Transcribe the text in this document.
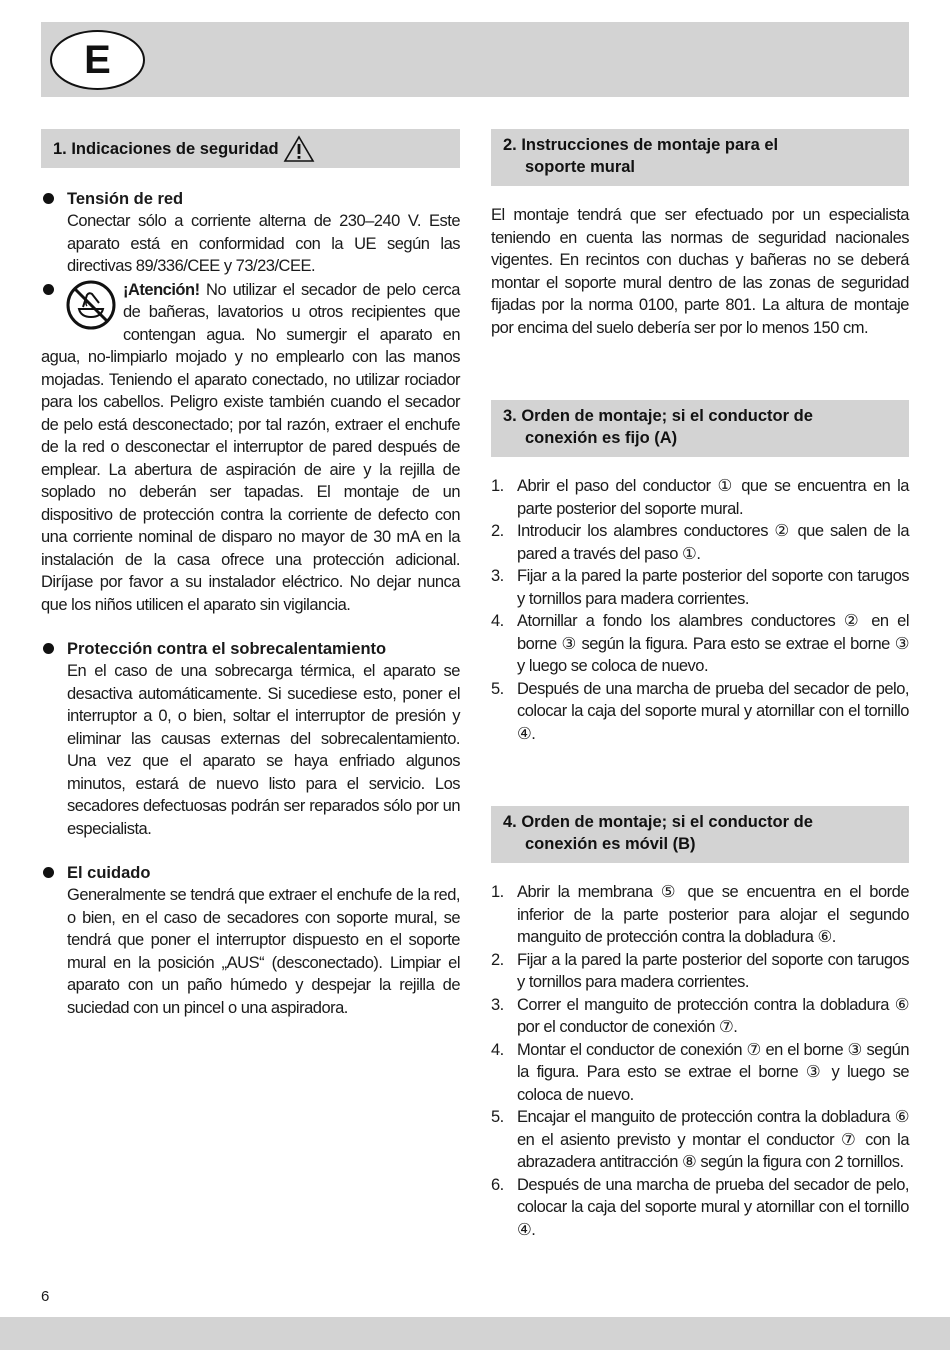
E
1. Indicaciones de seguridad
Tensión de red

Conectar sólo a corriente alterna de 230–240 V. Este aparato está en conformidad con la UE según las directivas 89/336/CEE y 73/23/CEE.

¡Atención! No utilizar el secador de pelo cerca de bañeras, lavatorios u otros recipientes que contengan agua. No sumergir el aparato en agua, no-limpiarlo mojado y no emplearlo con las manos mojadas. Teniendo el aparato conectado, no utilizar rociador para los cabellos. Peligro existe también cuando el secador de pelo está desconectado; por tal razón, extraer el enchufe de la red o desconectar el interruptor de pared después de emplear. La abertura de aspiración de aire y la rejilla de soplado no deberán ser tapadas. El montaje de un dispositivo de protección contra la corriente de defecto con una corriente nominal de disparo no mayor de 30 mA en la instalación de la casa ofrece una protección adicional. Diríjase por favor a su instalador eléctrico. No dejar nunca que los niños utilicen el aparato sin vigilancia.

Protección contra el sobrecalentamiento

En el caso de una sobrecarga térmica, el aparato se desactiva automáticamente. Si sucediese esto, poner el interruptor a 0, o bien, soltar el interruptor de presión y eliminar las causas externas del sobrecalentamiento. Una vez que el aparato se haya enfriado algunos minutos, estará de nuevo listo para el servicio. Los secadores defectuosas podrán ser reparados sólo por un especialista.

El cuidado

Generalmente se tendrá que extraer el enchufe de la red, o bien, en el caso de secadores con soporte mural, se tendrá que poner el interruptor dispuesto en el soporte mural en la posición „AUS“ (desconectado). Limpiar el aparato con un paño húmedo y despejar la rejilla de suciedad con un pincel o una aspiradora.

2. Instrucciones de montaje para el
soporte mural

El montaje tendrá que ser efectuado por un especialista teniendo en cuenta las normas de seguridad nacionales vigentes. En recintos con duchas y bañeras no se deberá montar el soporte mural dentro de las zonas de seguridad fijadas por la norma 0100, parte 801. La altura de montaje por encima del suelo debería ser por lo menos 150 cm.

3. Orden de montaje; si el conductor de
conexión es fijo (A)
1. Abrir el paso del conductor ① que se encuentra en la parte posterior del soporte mural.
2. Introducir los alambres conductores ② que salen de la pared a través del paso ①.
3. Fijar a la pared la parte posterior del soporte con tarugos y tornillos para madera corrientes.
4. Atornillar a fondo los alambres conductores ② en el borne ③ según la figura. Para esto se extrae el borne ③ y luego se coloca de nuevo.
5. Después de una marcha de prueba del secador de pelo, colocar la caja del soporte mural y atornillar con el tornillo ④.
4. Orden de montaje; si el conductor de
conexión es móvil (B)
1. Abrir la membrana ⑤ que se encuentra en el borde inferior de la parte posterior para alojar el segundo manguito de protección contra la dobladura ⑥.
2. Fijar a la pared la parte posterior del soporte con tarugos y tornillos para madera corrientes.
3. Correr el manguito de protección contra la dobladura ⑥ por el conductor de conexión ⑦.
4. Montar el conductor de conexión ⑦ en el borne ③ según la figura. Para esto se extrae el borne ③ y luego se coloca de nuevo.
5. Encajar el manguito de protección contra la dobladura ⑥ en el asiento previsto y montar el conductor ⑦ con la abrazadera antitracción ⑧ según la figura con 2 tornillos.
6. Después de una marcha de prueba del secador de pelo, colocar la caja del soporte mural y atornillar con el tornillo ④.
6
